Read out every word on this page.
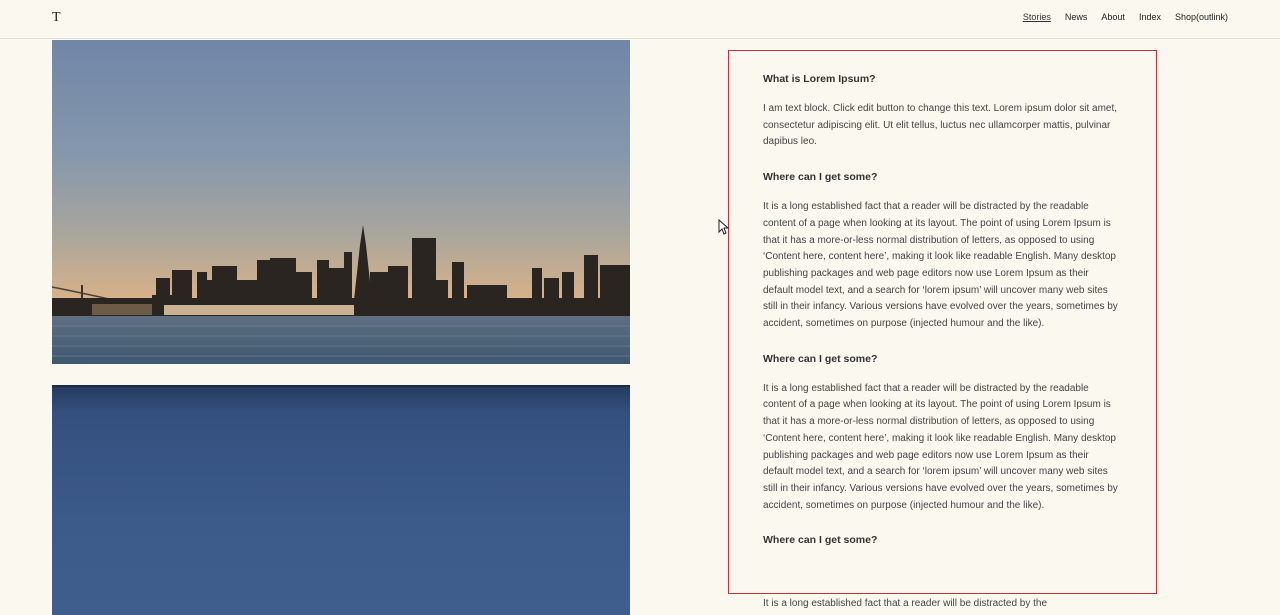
T	Stories News About Index Shop(outlink)
What is Lorem Ipsum?

I am text block. Click edit button to change this text. Lorem ipsum dolor sit amet, consectetur adipiscing elit. Ut elit tellus, luctus nec ullamcorper mattis, pulvinar dapibus leo.

Where can I get some?

It is a long established fact that a reader will be distracted by the readable content of a page when looking at its layout. The point of using Lorem Ipsum is that it has a more-or-less normal distribution of letters, as opposed to using ‘Content here, content here’, making it look like readable English. Many desktop publishing packages and web page editors now use Lorem Ipsum as their default model text, and a search for ‘lorem ipsum’ will uncover many web sites still in their infancy. Various versions have evolved over the years, sometimes by accident, sometimes on purpose (injected humour and the like).

Where can I get some?

It is a long established fact that a reader will be distracted by the readable content of a page when looking at its layout. The point of using Lorem Ipsum is that it has a more-or-less normal distribution of letters, as opposed to using ‘Content here, content here’, making it look like readable English. Many desktop publishing packages and web page editors now use Lorem Ipsum as their default model text, and a search for ‘lorem ipsum’ will uncover many web sites still in their infancy. Various versions have evolved over the years, sometimes by accident, sometimes on purpose (injected humour and the like).

Where can I get some?
It is a long established fact that a reader will be distracted by the
